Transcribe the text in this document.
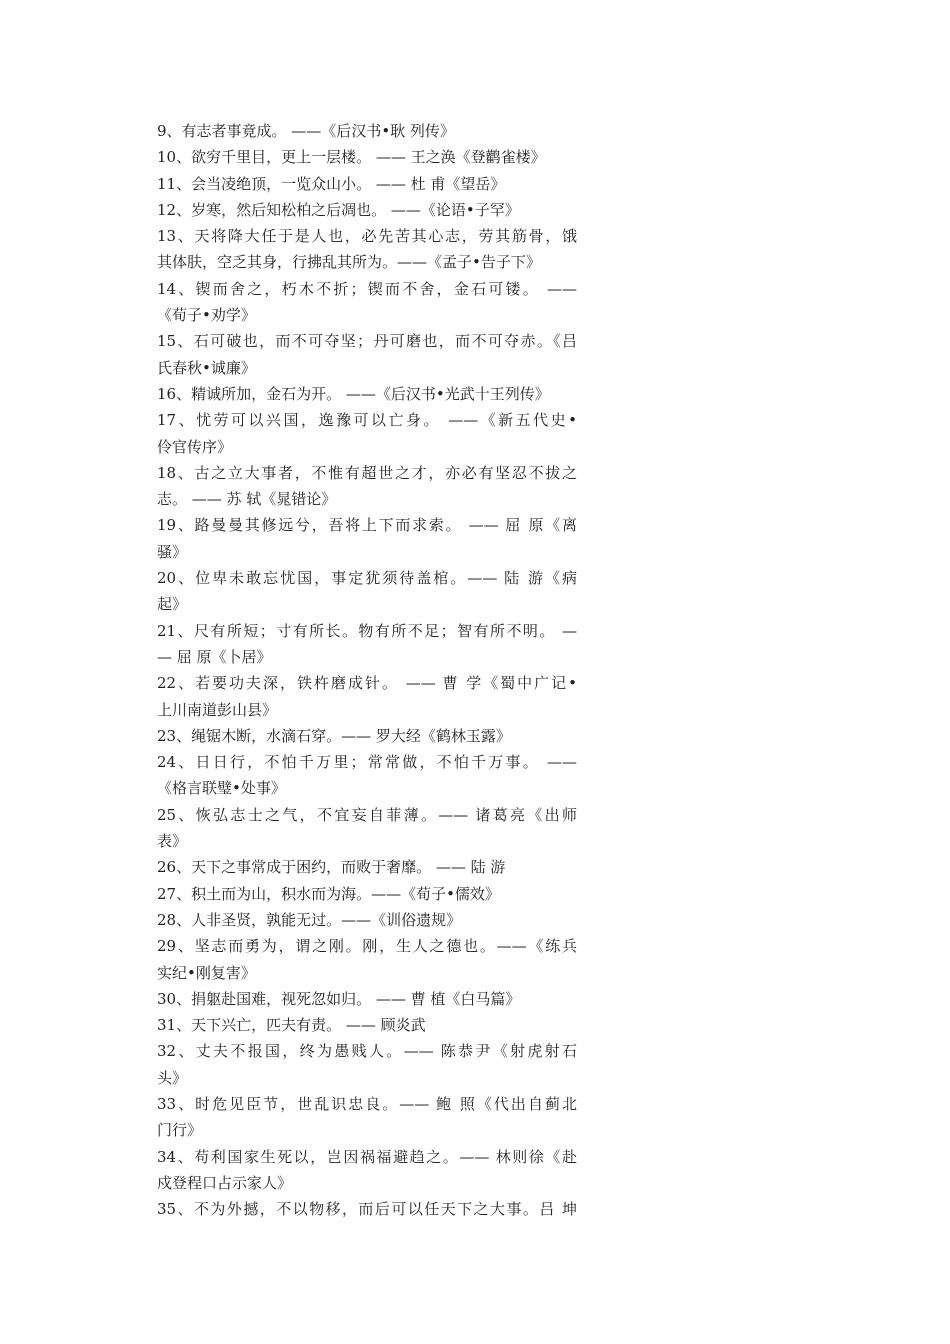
9、有志者事竟成。 ——《后汉书•耿 列传》
10、欲穷千里目，更上一层楼。 —— 王之涣《登鹳雀楼》
11、会当凌绝顶，一览众山小。 —— 杜 甫《望岳》
12、岁寒，然后知松柏之后凋也。 ——《论语•子罕》
13、天将降大任于是人也，必先苦其心志，劳其筋骨，饿
其体肤，空乏其身，行拂乱其所为。——《孟子•告子下》
14、锲而舍之，朽木不折；锲而不舍，金石可镂。 ——
《荀子•劝学》
15、石可破也，而不可夺坚；丹可磨也，而不可夺赤。《吕
氏春秋•诚廉》
16、精诚所加，金石为开。 ——《后汉书•光武十王列传》
17、忧劳可以兴国，逸豫可以亡身。 ——《新五代史•
伶官传序》
18、古之立大事者，不惟有超世之才，亦必有坚忍不拔之
志。 —— 苏 轼《晁错论》
19、路曼曼其修远兮，吾将上下而求索。 —— 屈 原《离
骚》
20、位卑未敢忘忧国，事定犹须待盖棺。—— 陆 游《病
起》
21、尺有所短；寸有所长。物有所不足；智有所不明。 —
— 屈 原《卜居》
22、若要功夫深，铁杵磨成针。 —— 曹 学《蜀中广记•
上川南道彭山县》
23、绳锯木断，水滴石穿。—— 罗大经《鹤林玉露》
24、日日行，不怕千万里；常常做，不怕千万事。 ——
《格言联璧•处事》
25、恢弘志士之气，不宜妄自菲薄。—— 诸葛亮《出师
表》
26、天下之事常成于困约，而败于奢靡。 —— 陆 游
27、积土而为山，积水而为海。——《荀子•儒效》
28、人非圣贤，孰能无过。——《训俗遗规》
29、坚志而勇为，谓之刚。刚，生人之德也。——《练兵
实纪•刚复害》
30、捐躯赴国难，视死忽如归。 —— 曹 植《白马篇》
31、天下兴亡，匹夫有责。 —— 顾炎武
32、丈夫不报国，终为愚贱人。—— 陈恭尹《射虎射石
头》
33、时危见臣节，世乱识忠良。—— 鲍 照《代出自蓟北
门行》
34、苟利国家生死以，岂因祸福避趋之。—— 林则徐《赴
戍登程口占示家人》
35、不为外撼，不以物移，而后可以任天下之大事。吕 坤
